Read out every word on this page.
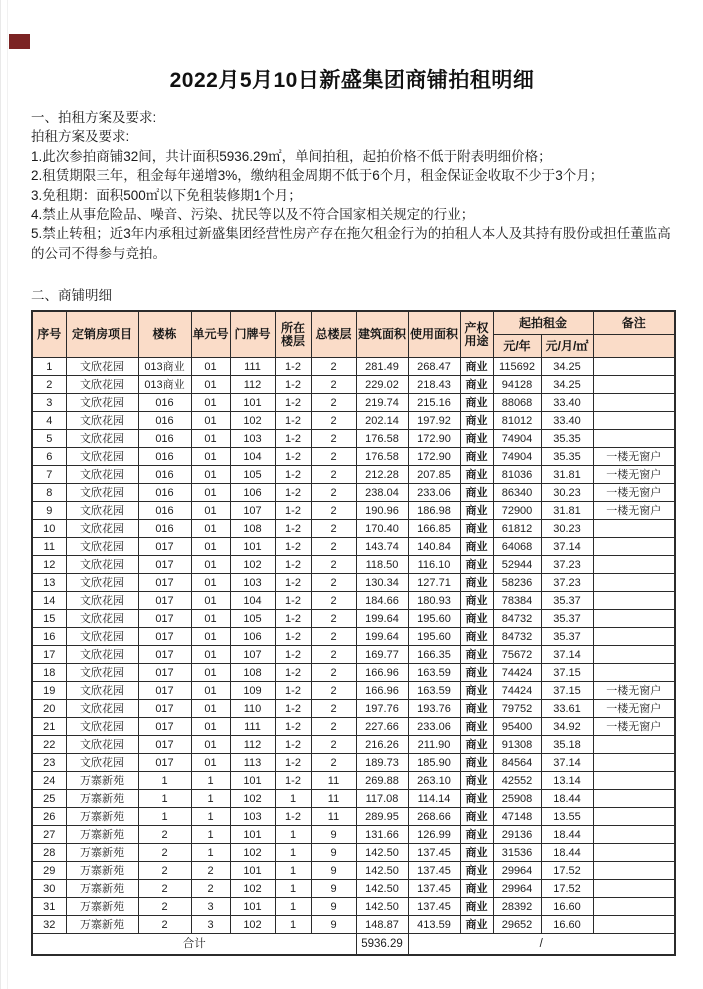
2022月5月10日新盛集团商铺拍租明细
一、拍租方案及要求:
拍租方案及要求:
1.此次参拍商铺32间，共计面积5936.29㎡，单间拍租，起拍价格不低于附表明细价格；
2.租赁期限三年，租金每年递增3%，缴纳租金周期不低于6个月，租金保证金收取不少于3个月；
3.免租期：面积500㎡以下免租装修期1个月；
4.禁止从事危险品、噪音、污染、扰民等以及不符合国家相关规定的行业；
5.禁止转租；近3年内承租过新盛集团经营性房产存在拖欠租金行为的拍租人本人及其持有股份或担任董监高的公司不得参与竞拍。
二、商铺明细
序号	定销房项目	楼栋	单元号	门牌号	所在楼层	总楼层	建筑面积	使用面积	产权用途	起拍租金		备注
										元/年	元/月/㎡	
1	文欣花园	013商业	01	111	1-2	2	281.49	268.47	商业	115692	34.25	
2	文欣花园	013商业	01	112	1-2	2	229.02	218.43	商业	94128	34.25	
3	文欣花园	016	01	101	1-2	2	219.74	215.16	商业	88068	33.40	
4	文欣花园	016	01	102	1-2	2	202.14	197.92	商业	81012	33.40	
5	文欣花园	016	01	103	1-2	2	176.58	172.90	商业	74904	35.35	
6	文欣花园	016	01	104	1-2	2	176.58	172.90	商业	74904	35.35	一楼无窗户
7	文欣花园	016	01	105	1-2	2	212.28	207.85	商业	81036	31.81	一楼无窗户
8	文欣花园	016	01	106	1-2	2	238.04	233.06	商业	86340	30.23	一楼无窗户
9	文欣花园	016	01	107	1-2	2	190.96	186.98	商业	72900	31.81	一楼无窗户
10	文欣花园	016	01	108	1-2	2	170.40	166.85	商业	61812	30.23	
11	文欣花园	017	01	101	1-2	2	143.74	140.84	商业	64068	37.14	
12	文欣花园	017	01	102	1-2	2	118.50	116.10	商业	52944	37.23	
13	文欣花园	017	01	103	1-2	2	130.34	127.71	商业	58236	37.23	
14	文欣花园	017	01	104	1-2	2	184.66	180.93	商业	78384	35.37	
15	文欣花园	017	01	105	1-2	2	199.64	195.60	商业	84732	35.37	
16	文欣花园	017	01	106	1-2	2	199.64	195.60	商业	84732	35.37	
17	文欣花园	017	01	107	1-2	2	169.77	166.35	商业	75672	37.14	
18	文欣花园	017	01	108	1-2	2	166.96	163.59	商业	74424	37.15	
19	文欣花园	017	01	109	1-2	2	166.96	163.59	商业	74424	37.15	一楼无窗户
20	文欣花园	017	01	110	1-2	2	197.76	193.76	商业	79752	33.61	一楼无窗户
21	文欣花园	017	01	111	1-2	2	227.66	233.06	商业	95400	34.92	一楼无窗户
22	文欣花园	017	01	112	1-2	2	216.26	211.90	商业	91308	35.18	
23	文欣花园	017	01	113	1-2	2	189.73	185.90	商业	84564	37.14	
24	万寨新苑	1	1	101	1-2	11	269.88	263.10	商业	42552	13.14	
25	万寨新苑	1	1	102	1	11	117.08	114.14	商业	25908	18.44	
26	万寨新苑	1	1	103	1-2	11	289.95	268.66	商业	47148	13.55	
27	万寨新苑	2	1	101	1	9	131.66	126.99	商业	29136	18.44	
28	万寨新苑	2	1	102	1	9	142.50	137.45	商业	31536	18.44	
29	万寨新苑	2	2	101	1	9	142.50	137.45	商业	29964	17.52	
30	万寨新苑	2	2	102	1	9	142.50	137.45	商业	29964	17.52	
31	万寨新苑	2	3	101	1	9	142.50	137.45	商业	28392	16.60	
32	万寨新苑	2	3	102	1	9	148.87	413.59	商业	29652	16.60	
合计							5936.29	/				
